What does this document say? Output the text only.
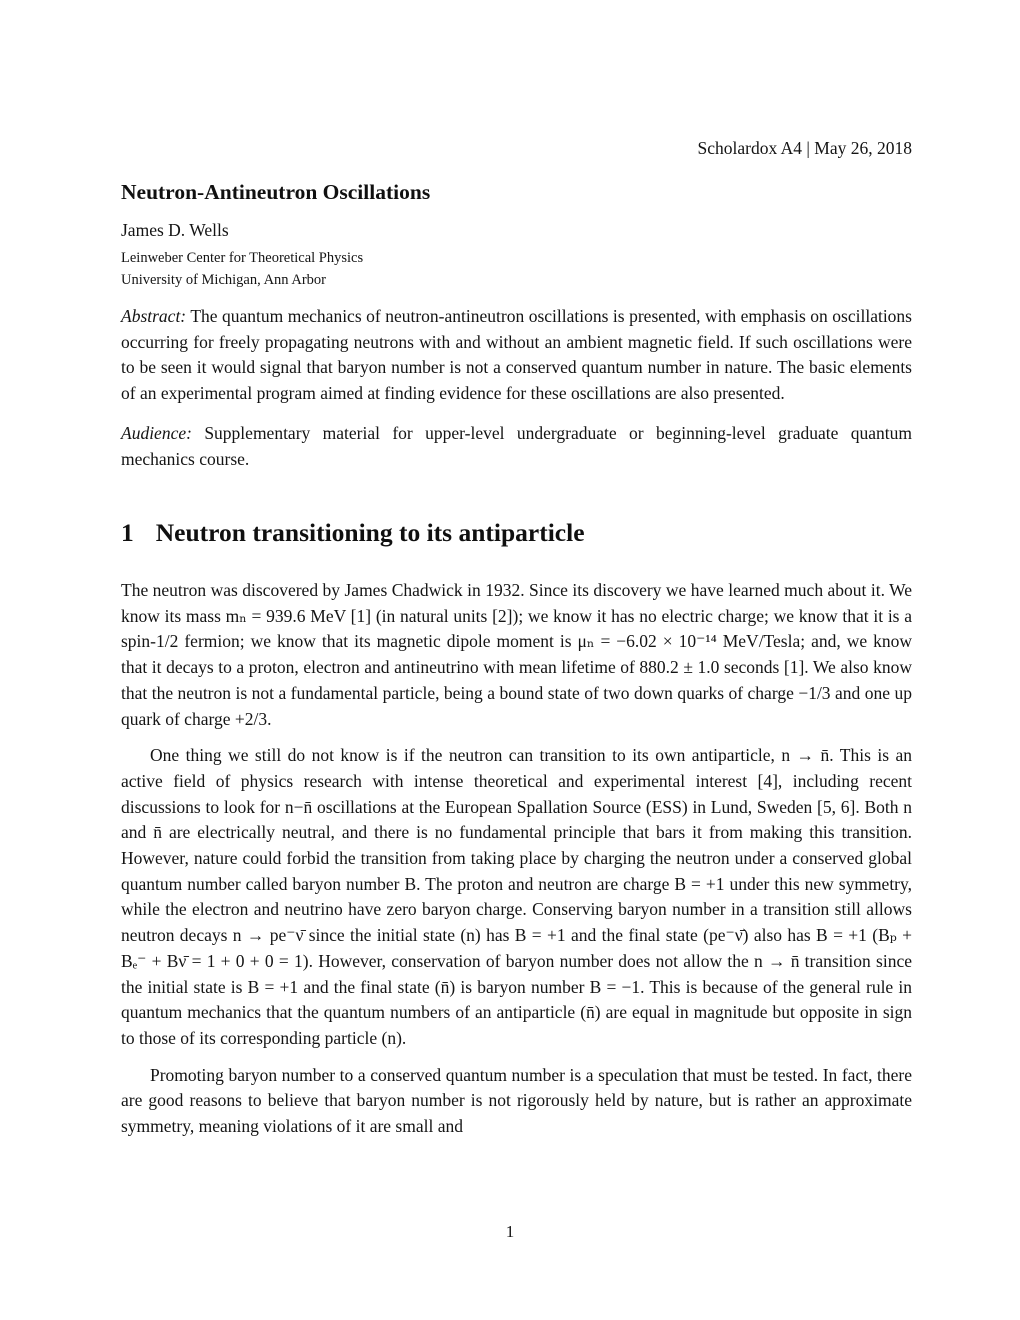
Scholardox A4 | May 26, 2018
Neutron-Antineutron Oscillations
James D. Wells
Leinweber Center for Theoretical Physics
University of Michigan, Ann Arbor

Abstract: The quantum mechanics of neutron-antineutron oscillations is presented, with emphasis on oscillations occurring for freely propagating neutrons with and without an ambient magnetic field. If such oscillations were to be seen it would signal that baryon number is not a conserved quantum number in nature. The basic elements of an experimental program aimed at finding evidence for these oscillations are also presented.

Audience: Supplementary material for upper-level undergraduate or beginning-level graduate quantum mechanics course.

1 Neutron transitioning to its antiparticle

The neutron was discovered by James Chadwick in 1932. Since its discovery we have learned much about it. We know its mass mₙ = 939.6 MeV [1] (in natural units [2]); we know it has no electric charge; we know that it is a spin-1/2 fermion; we know that its magnetic dipole moment is μₙ = −6.02 × 10⁻¹⁴ MeV/Tesla; and, we know that it decays to a proton, electron and antineutrino with mean lifetime of 880.2 ± 1.0 seconds [1]. We also know that the neutron is not a fundamental particle, being a bound state of two down quarks of charge −1/3 and one up quark of charge +2/3.

One thing we still do not know is if the neutron can transition to its own antiparticle, n → n̄. This is an active field of physics research with intense theoretical and experimental interest [4], including recent discussions to look for n−n̄ oscillations at the European Spallation Source (ESS) in Lund, Sweden [5, 6]. Both n and n̄ are electrically neutral, and there is no fundamental principle that bars it from making this transition. However, nature could forbid the transition from taking place by charging the neutron under a conserved global quantum number called baryon number B. The proton and neutron are charge B = +1 under this new symmetry, while the electron and neutrino have zero baryon charge. Conserving baryon number in a transition still allows neutron decays n → pe⁻ν̄ since the initial state (n) has B = +1 and the final state (pe⁻ν̄) also has B = +1 (Bₚ + Bₑ⁻ + Bν̄ = 1 + 0 + 0 = 1). However, conservation of baryon number does not allow the n → n̄ transition since the initial state is B = +1 and the final state (n̄) is baryon number B = −1. This is because of the general rule in quantum mechanics that the quantum numbers of an antiparticle (n̄) are equal in magnitude but opposite in sign to those of its corresponding particle (n).

Promoting baryon number to a conserved quantum number is a speculation that must be tested. In fact, there are good reasons to believe that baryon number is not rigorously held by nature, but is rather an approximate symmetry, meaning violations of it are small and

1
